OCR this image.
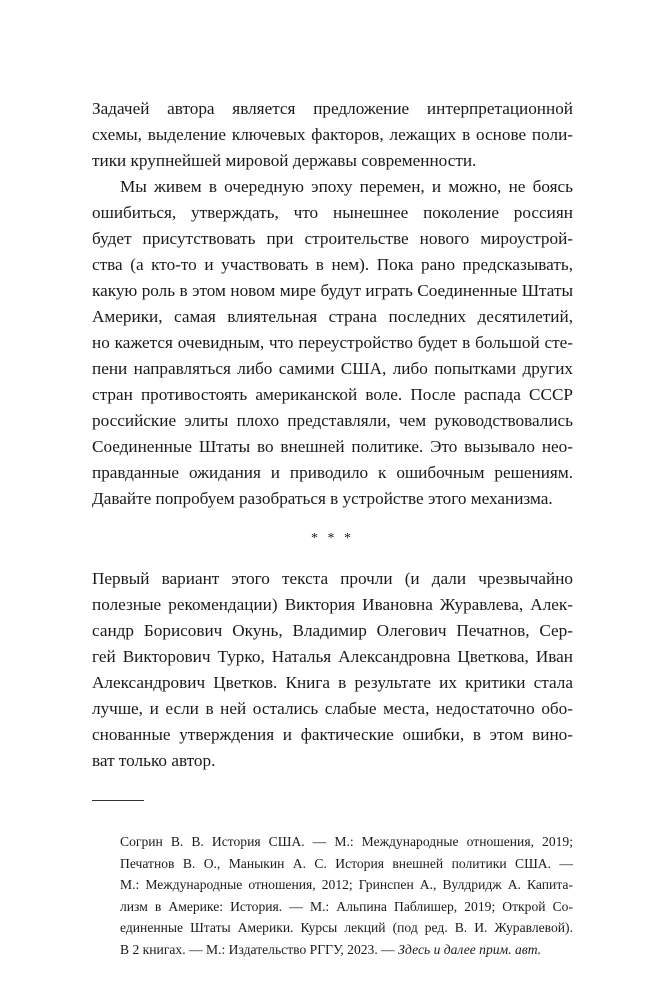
Задачей автора является предложение интерпретационной
схемы, выделение ключевых факторов, лежащих в основе поли-
тики крупнейшей мировой державы современности.
Мы живем в очередную эпоху перемен, и можно, не боясь
ошибиться, утверждать, что нынешнее поколение россиян
будет присутствовать при строительстве нового мироустрой-
ства (а кто-то и участвовать в нем). Пока рано предсказывать,
какую роль в этом новом мире будут играть Соединенные Штаты
Америки, самая влиятельная страна последних десятилетий,
но кажется очевидным, что переустройство будет в большой сте-
пени направляться либо самими США, либо попытками других
стран противостоять американской воле. После распада СССР
российские элиты плохо представляли, чем руководствовались
Соединенные Штаты во внешней политике. Это вызывало нео-
правданные ожидания и приводило к ошибочным решениям.
Давайте попробуем разобраться в устройстве этого механизма.
* * *
Первый вариант этого текста прочли (и дали чрезвычайно
полезные рекомендации) Виктория Ивановна Журавлева, Алек-
сандр Борисович Окунь, Владимир Олегович Печатнов, Сер-
гей Викторович Турко, Наталья Александровна Цветкова, Иван
Александрович Цветков. Книга в результате их критики стала
лучше, и если в ней остались слабые места, недостаточно обо-
снованные утверждения и фактические ошибки, в этом вино-
ват только автор.
Согрин В. В. История США. — М.: Международные отношения, 2019;
Печатнов В. О., Маныкин А. С. История внешней политики США. —
М.: Международные отношения, 2012; Гринспен А., Вулдридж А. Капита-
лизм в Америке: История. — М.: Альпина Паблишер, 2019; Открой Со-
единенные Штаты Америки. Курсы лекций (под ред. В. И. Журавлевой).
В 2 книгах. — М.: Издательство РГГУ, 2023. — Здесь и далее прим. авт.
